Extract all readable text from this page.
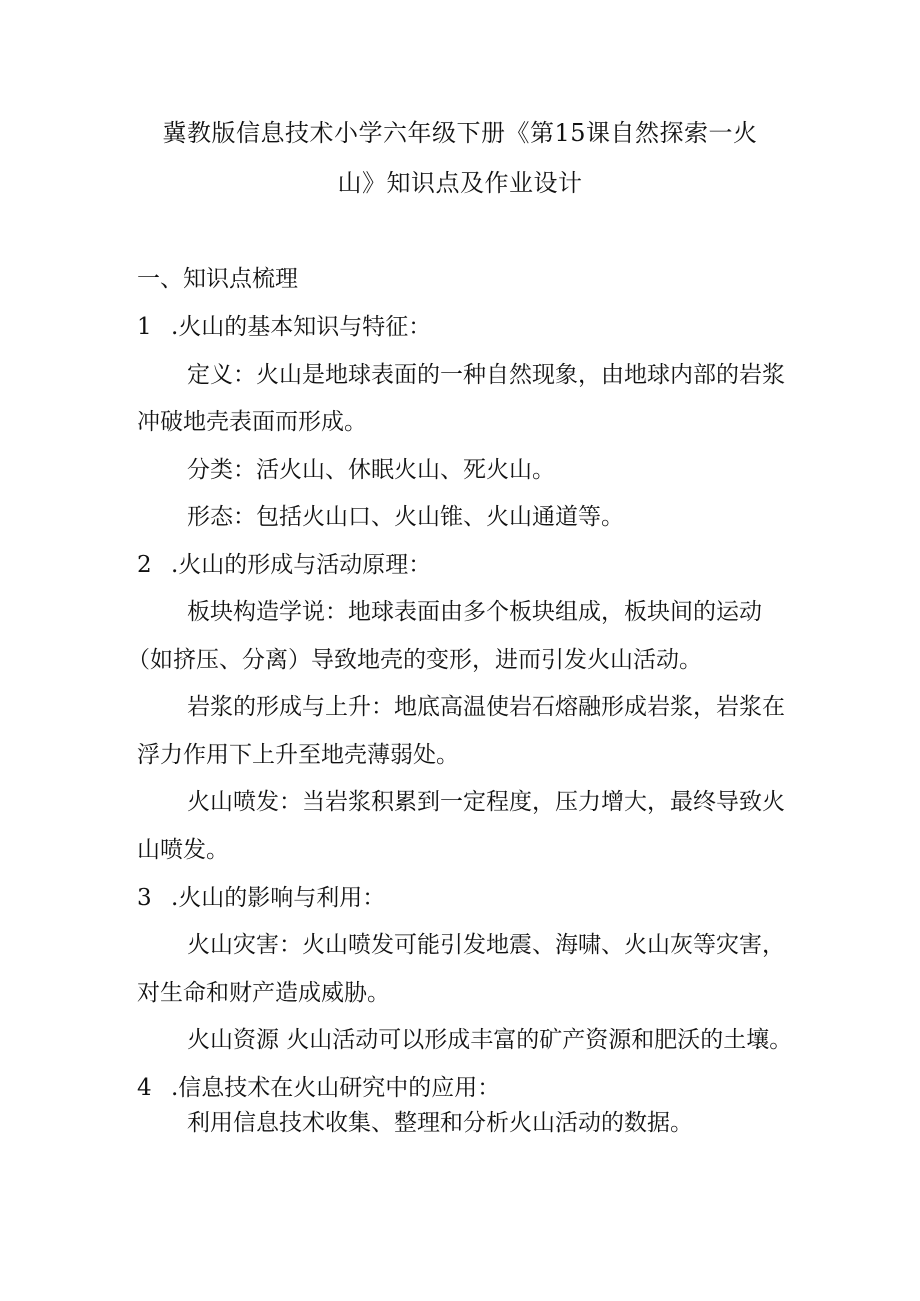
冀教版信息技术小学六年级下册《第15课自然探索一火
山》知识点及作业设计
一、知识点梳理
1 .火山的基本知识与特征：
定义：火山是地球表面的一种自然现象，由地球内部的岩浆
冲破地壳表面而形成。
分类：活火山、休眠火山、死火山。
形态：包括火山口、火山锥、火山通道等。
2 .火山的形成与活动原理：
板块构造学说：地球表面由多个板块组成，板块间的运动
（如挤压、分离）导致地壳的变形，进而引发火山活动。
岩浆的形成与上升：地底高温使岩石熔融形成岩浆，岩浆在
浮力作用下上升至地壳薄弱处。
火山喷发：当岩浆积累到一定程度，压力增大，最终导致火
山喷发。
3 .火山的影响与利用：
火山灾害：火山喷发可能引发地震、海啸、火山灰等灾害，
对生命和财产造成威胁。
火山资源 火山活动可以形成丰富的矿产资源和肥沃的土壤。
4 .信息技术在火山研究中的应用：
利用信息技术收集、整理和分析火山活动的数据。
